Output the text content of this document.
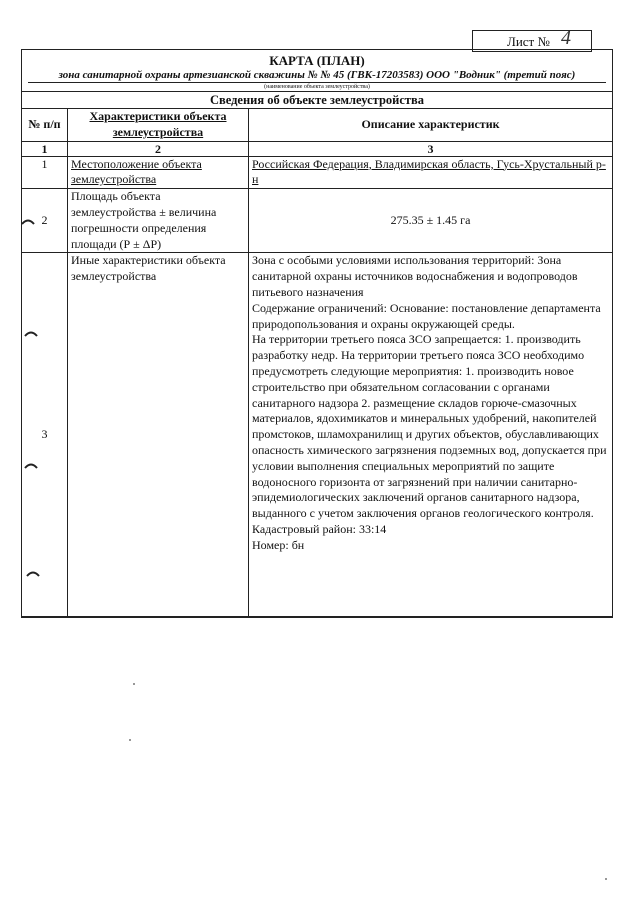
Лист № 4
КАРТА (ПЛАН)
зона санитарной охраны артезианской скважины № № 45 (ГВК-17203583) ООО "Водник" (третий пояс)
(наименование объекта землеустройства)
Сведения об объекте землеустройства
№ п/п	Характеристики объекта землеустройства	Описание характеристик
1	2	3
1	Местоположение объекта землеустройства	Российская Федерация, Владимирская область, Гусь-Хрустальный р-н
2	Площадь объекта землеустройства ± величина погрешности определения площади (Р ± ΔР)	275.35 ± 1.45 га
3	Иные характеристики объекта землеустройства	Зона с особыми условиями использования территорий: Зона санитарной охраны источников водоснабжения и водопроводов питьевого назначения
Содержание ограничений: Основание: постановление департамента природопользования и охраны окружающей среды.
На территории третьего пояса ЗСО запрещается: 1. производить разработку недр. На территории третьего пояса ЗСО необходимо предусмотреть следующие мероприятия: 1. производить новое строительство при обязательном согласовании с органами санитарного надзора 2. размещение складов горюче-смазочных материалов, ядохимикатов и минеральных удобрений, накопителей промстоков, шламохранилищ и других объектов, обуславливающих опасность химического загрязнения подземных вод, допускается при условии выполнения специальных мероприятий по защите водоносного горизонта от загрязнений при наличии санитарно-эпидемиологических заключений органов санитарного надзора, выданного с учетом заключения органов геологического контроля.
Кадастровый район: 33:14
Номер: бн
